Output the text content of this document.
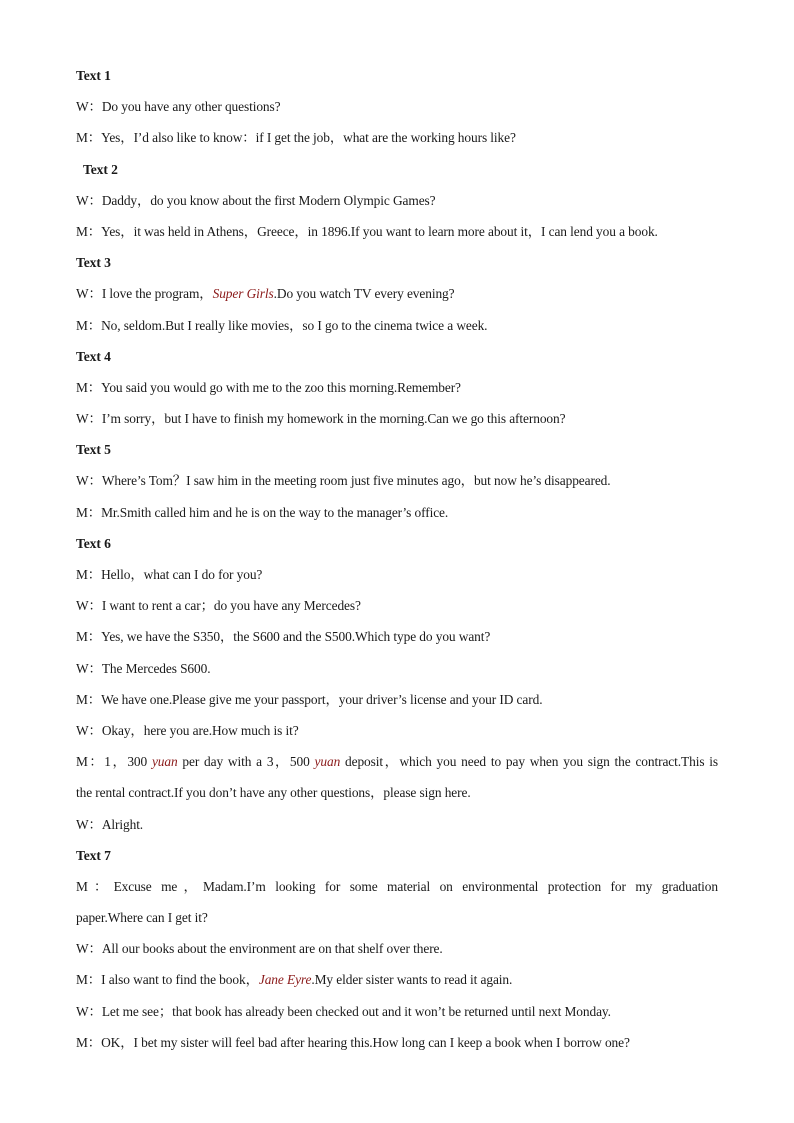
Text 1
W：Do you have any other questions?
M：Yes，I’d also like to know：if I get the job，what are the working hours like?
Text 2
W：Daddy，do you know about the first Modern Olympic Games?
M：Yes，it was held in Athens，Greece，in 1896.If you want to learn more about it，I can lend you a book.
Text 3
W：I love the program，Super Girls.Do you watch TV every evening?
M：No, seldom.But I really like movies，so I go to the cinema twice a week.
Text 4
M：You said you would go with me to the zoo this morning.Remember?
W：I’m sorry，but I have to finish my homework in the morning.Can we go this afternoon?
Text 5
W：Where’s Tom？I saw him in the meeting room just five minutes ago，but now he’s disappeared.
M：Mr.Smith called him and he is on the way to the manager’s office.
Text 6
M：Hello，what can I do for you?
W：I want to rent a car；do you have any Mercedes?
M：Yes, we have the S350，the S600 and the S500.Which type do you want?
W：The Mercedes S600.
M：We have one.Please give me your passport，your driver’s license and your ID card.
W：Okay，here you are.How much is it?
M：1，300 yuan per day with a 3，500 yuan deposit，which you need to pay when you sign the contract.This is
the rental contract.If you don’t have any other questions，please sign here.
W：Alright.
Text 7
M：Excuse me，Madam.I’m looking for some material on environmental protection for my graduation
paper.Where can I get it?
W：All our books about the environment are on that shelf over there.
M：I also want to find the book，Jane Eyre.My elder sister wants to read it again.
W：Let me see；that book has already been checked out and it won’t be returned until next Monday.
M：OK，I bet my sister will feel bad after hearing this.How long can I keep a book when I borrow one?
